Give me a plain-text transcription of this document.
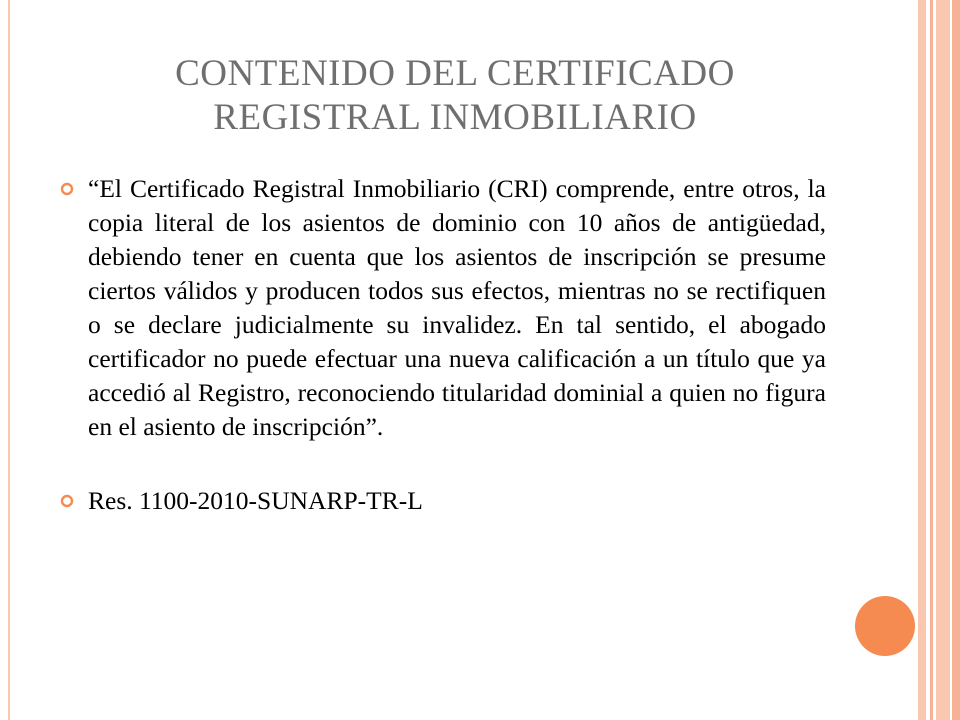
CONTENIDO DEL CERTIFICADO
REGISTRAL INMOBILIARIO
“El Certificado Registral Inmobiliario (CRI) comprende, entre otros, la copia literal de los asientos de dominio con 10 años de antigüedad, debiendo tener en cuenta que los asientos de inscripción se presume ciertos válidos y producen todos sus efectos, mientras no se rectifiquen o se declare judicialmente su invalidez. En tal sentido, el abogado certificador no puede efectuar una nueva calificación a un título que ya accedió al Registro, reconociendo titularidad dominial a quien no figura en el asiento de inscripción”.
Res. 1100-2010-SUNARP-TR-L
